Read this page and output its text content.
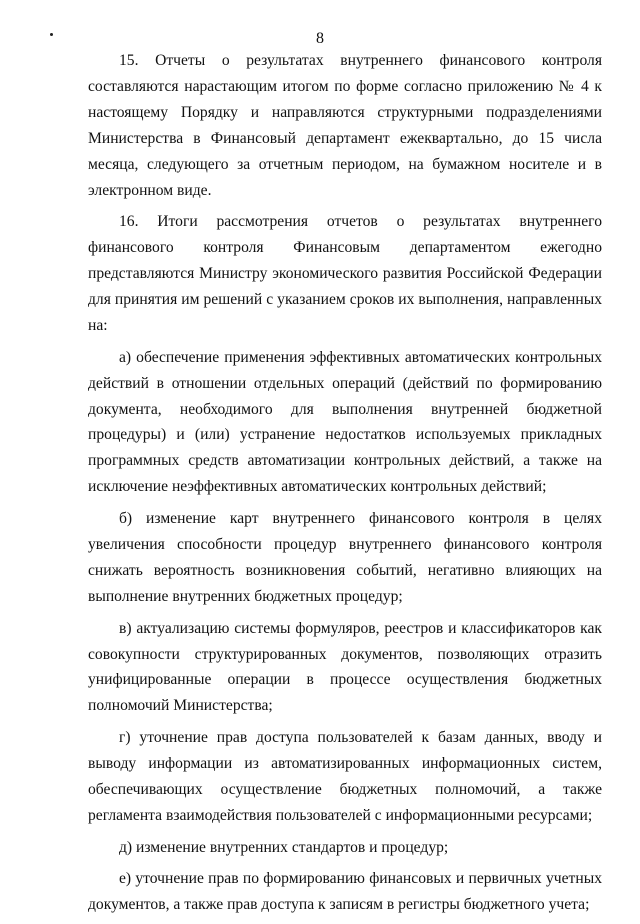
8

15. Отчеты о результатах внутреннего финансового контроля составляются нарастающим итогом по форме согласно приложению № 4 к настоящему Порядку и направляются структурными подразделениями Министерства в Финансовый департамент ежеквартально, до 15 числа месяца, следующего за отчетным периодом, на бумажном носителе и в электронном виде.

16. Итоги рассмотрения отчетов о результатах внутреннего финансового контроля Финансовым департаментом ежегодно представляются Министру экономического развития Российской Федерации для принятия им решений с указанием сроков их выполнения, направленных на:

а) обеспечение применения эффективных автоматических контрольных действий в отношении отдельных операций (действий по формированию документа, необходимого для выполнения внутренней бюджетной процедуры) и (или) устранение недостатков используемых прикладных программных средств автоматизации контрольных действий, а также на исключение неэффективных автоматических контрольных действий;

б) изменение карт внутреннего финансового контроля в целях увеличения способности процедур внутреннего финансового контроля снижать вероятность возникновения событий, негативно влияющих на выполнение внутренних бюджетных процедур;

в) актуализацию системы формуляров, реестров и классификаторов как совокупности структурированных документов, позволяющих отразить унифицированные операции в процессе осуществления бюджетных полномочий Министерства;

г) уточнение прав доступа пользователей к базам данных, вводу и выводу информации из автоматизированных информационных систем, обеспечивающих осуществление бюджетных полномочий, а также регламента взаимодействия пользователей с информационными ресурсами;

д) изменение внутренних стандартов и процедур;

е) уточнение прав по формированию финансовых и первичных учетных документов, а также прав доступа к записям в регистры бюджетного учета;
